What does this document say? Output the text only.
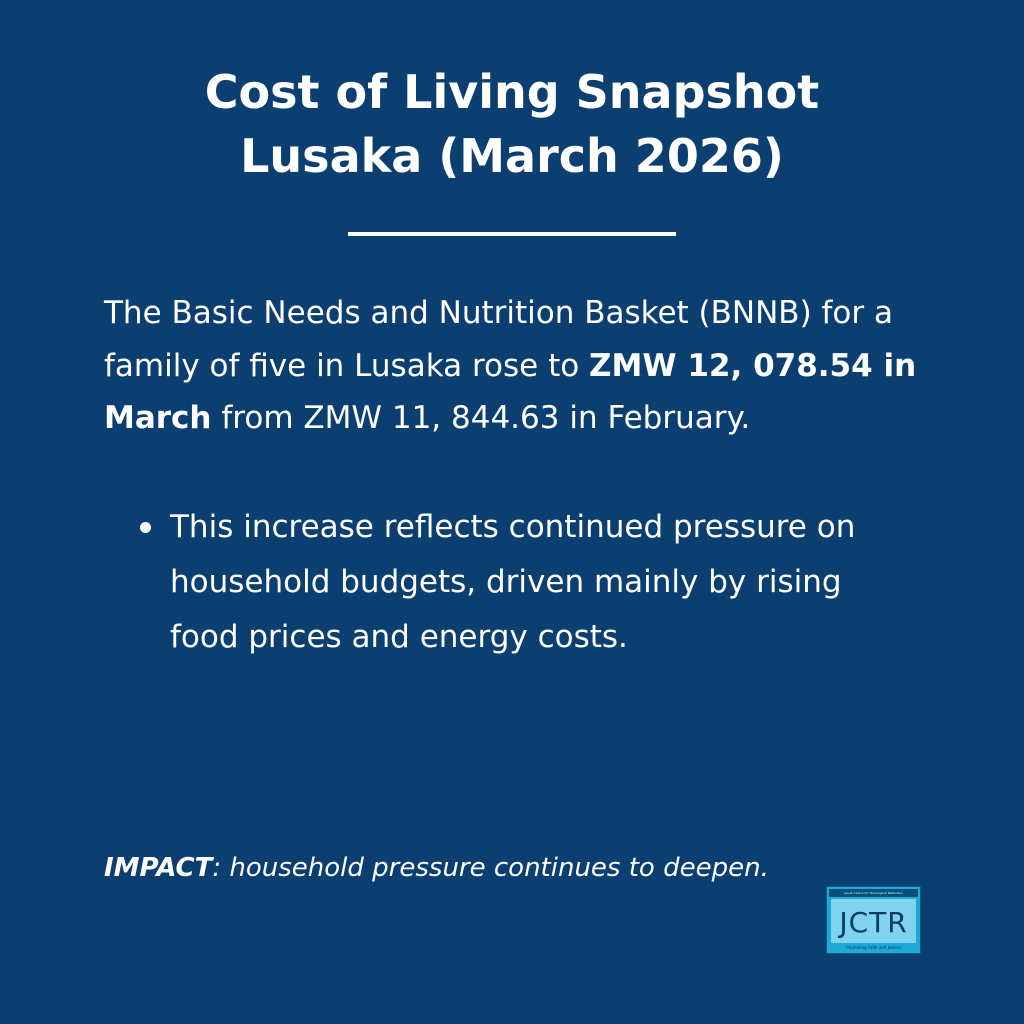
Cost of Living Snapshot
Lusaka (March 2026)
The Basic Needs and Nutrition Basket (BNNB) for a family of five in Lusaka rose to ZMW 12, 078.54 in March from ZMW 11, 844.63 in February.
This increase reflects continued pressure on household budgets, driven mainly by rising food prices and energy costs.
IMPACT: household pressure continues to deepen.
Jesuit Centre for Theological Reflection
JCTR
Promoting Faith and Justice
